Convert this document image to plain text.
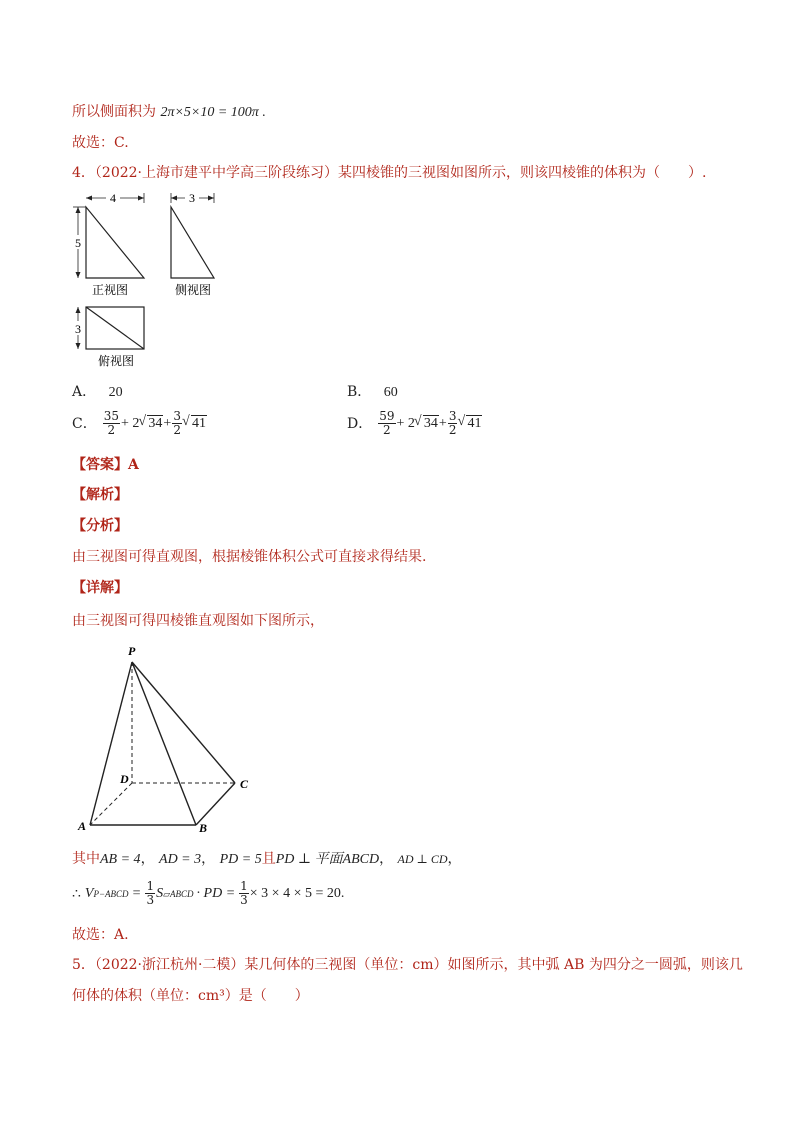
所以侧面积为 2π×5×10 = 100π .
故选：C.
4．（2022·上海市建平中学高三阶段练习）某四棱锥的三视图如图所示，则该四棱锥的体积为（　　）.
4
5
正视图
3
侧视图
3
俯视图
A． 20	B． 60
C． $\frac{35}{2} + 2$ √ $34 + \frac{3}{2}$ √ 41	D． $\frac{59}{2} + 2$ √ $34 + \frac{3}{2}$ √ 41
【答案】A
【解析】
【分析】
由三视图可得直观图，根据棱锥体积公式可直接求得结果.
【详解】
由三视图可得四棱锥直观图如下图所示，
P
A	B
C
D
其中AB = 4， AD = 3， PD = 5且PD ⊥ 平面ABCD， AD ⊥ CD，
∴ V P−ABCD = $\frac{1}{3}$ S ▱ABCD · PD = $\frac{1}{3} \times 3 \times 4 \times 5 = 20$.
故选：A.
5．（2022·浙江杭州·二模）某几何体的三视图（单位：cm）如图所示，其中弧 AB 为四分之一圆弧，则该几
何体的体积（单位：cm³）是（　　）
